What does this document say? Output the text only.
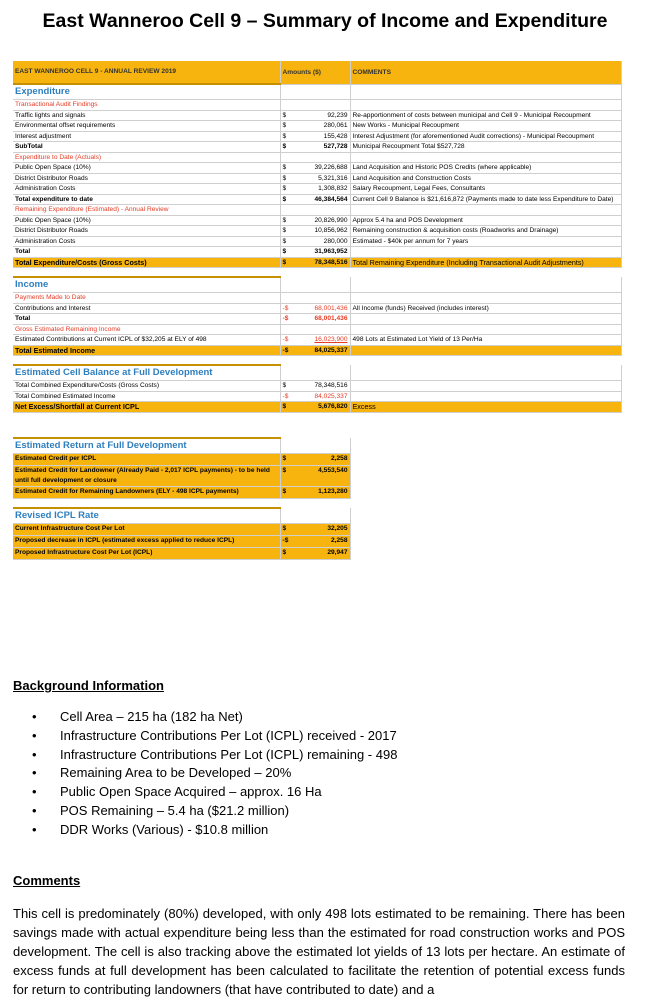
East Wanneroo Cell 9 – Summary of Income and Expenditure
EAST WANNEROO CELL 9 - ANNUAL REVIEW 2019	Amounts ($)	COMMENTS
Expenditure		
Transactional Audit Findings		
Traffic lights and signals	$ 92,239	Re-apportionment of costs between municipal and Cell 9 - Municipal Recoupment
Environmental offset requirements	$ 280,061	New Works - Municipal Recoupment
Interest adjustment	$ 155,428	Interest Adjustment (for aforementioned Audit corrections) - Municipal Recoupment
SubTotal	$ 527,728	Municipal Recoupment Total $527,728
Expenditure to Date (Actuals)		
Public Open Space (10%)	$ 39,226,688	Land Acquisition and Historic POS Credits (where applicable)
District Distributor Roads	$ 5,321,316	Land Acquisition and Construction Costs
Administration Costs	$ 1,308,832	Salary Recoupment, Legal Fees, Consultants
Total expenditure to date	$ 46,384,564	Current Cell 9 Balance is $21,616,872 (Payments made to date less Expenditure to Date)
Remaining Expenditure (Estimated) - Annual Review		
Public Open Space (10%)	$ 20,826,990	Approx 5.4 ha and POS Development
District Distributor Roads	$ 10,856,962	Remaining construction & acquisition costs (Roadworks and Drainage)
Administration Costs	$ 280,000	Estimated - $40k per annum for 7 years
Total	$ 31,963,952	

Total Expenditure/Costs (Gross Costs)	$ 78,348,516	Total Remaining Expenditure (Including Transactional Audit Adjustments)

Income		
Payments Made to Date		
Contributions and Interest	-$ 68,001,436	All Income (funds) Received (includes interest)
Total	-$ 68,001,436	

Gross Estimated Remaining Income		
Estimated Contributions at Current ICPL of $32,205 at ELY of 498	-$ 16,023,900	498 Lots at Estimated Lot Yield of 13 Per/Ha
Total Estimated Income	-$ 84,025,337	

Estimated Cell Balance at Full Development		
Total Combined Expenditure/Costs (Gross Costs)	$ 78,348,516	

Total Combined Estimated Income	-$ 84,025,337	

Net Excess/Shortfall at Current ICPL	$ 5,676,820	Excess

Estimated Return at Full Development		
Estimated Credit per ICPL	$ 2,258	

Estimated Credit for Landowner (Already Paid - 2,017 ICPL payments) - to be held until full development or closure	$ 4,553,540	

Estimated Credit for Remaining Landowners (ELY - 498 ICPL payments)	$ 1,123,280	

Revised ICPL Rate		
Current Infrastructure Cost Per Lot	$ 32,205	

Proposed decrease in ICPL (estimated excess applied to reduce ICPL)	-$ 2,258	

Proposed Infrastructure Cost Per Lot (ICPL)	$ 29,947	

Background Information
• Cell Area – 215 ha (182 ha Net)
• Infrastructure Contributions Per Lot (ICPL) received - 2017
• Infrastructure Contributions Per Lot (ICPL) remaining - 498
• Remaining Area to be Developed – 20%
• Public Open Space Acquired – approx. 16 Ha
• POS Remaining – 5.4 ha ($21.2 million)
• DDR Works (Various) - $10.8 million
Comments
This cell is predominately (80%) developed, with only 498 lots estimated to be remaining. There has been savings made with actual expenditure being less than the estimated for road construction works and POS development. The cell is also tracking above the estimated lot yields of 13 lots per hectare. An estimate of excess funds at full development has been calculated to facilitate the retention of potential excess funds for return to contributing landowners (that have contributed to date) and a
